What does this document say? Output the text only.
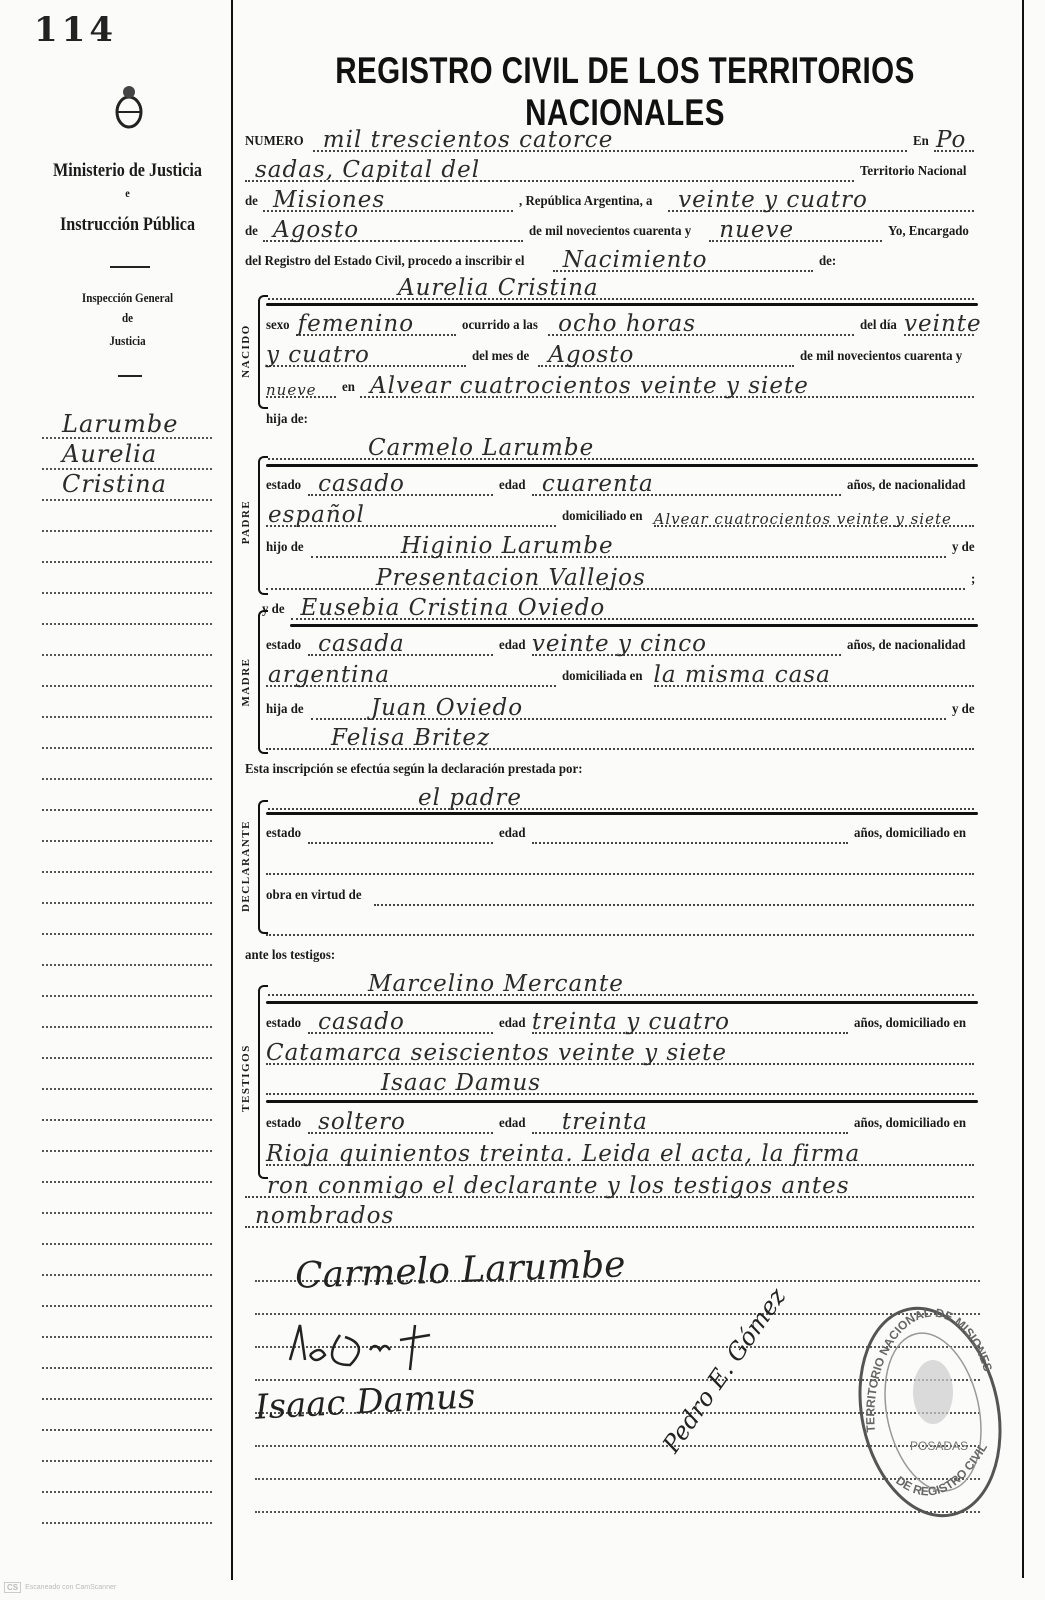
114
Ministerio de Justicia
e
Instrucción Pública
Inspección General
de
Justicia
Larumbe
Aurelia
Cristina
REGISTRO CIVIL DE LOS TERRITORIOS NACIONALES
NUMERO mil trescientos catorce	En Po
sadas, Capital del	Territorio Nacional
de Misiones	, República Argentina, a veinte y cuatro
de Agosto	de mil novecientos cuarenta y nueve	Yo, Encargado
del Registro del Estado Civil, procedo a inscribir el Nacimiento	de:
Aurelia Cristina
NACIDO sexo femenino	ocurrido a las ocho horas	del día veinte
y cuatro	del mes de Agosto	de mil novecientos cuarenta y
nueve en Alvear cuatrocientos veinte y siete
hija de:
Carmelo Larumbe
PADRE
estado casado	edad cuarenta	años, de nacionalidad
español	domiciliado en Alvear cuatrocientos veinte y siete
hijo de	Higinio Larumbe	y de
Presentacion Vallejos	;
y de Eusebia Cristina Oviedo
MADRE
estado casada	edad veinte y cinco	años, de nacionalidad
argentina	domiciliada en la misma casa
hija de	Juan Oviedo	y de
Felisa Britez
Esta inscripción se efectúa según la declaración prestada por:
el padre
DECLARANTE estado	edad	años, domiciliado en
obra en virtud de
ante los testigos:
Marcelino Mercante
TESTIGOS
estado casado	edad treinta y cuatro	años, domiciliado en
Catamarca seiscientos veinte y siete
Isaac Damus
estado soltero	edad treinta	años, domiciliado en
Rioja quinientos treinta. Leida el acta, la firma
ron conmigo el declarante y los testigos antes
nombrados
Carmelo Larumbe
Isaac Damus	Pedro E. Gómez	TERRITORIO NACIONAL DE MISIONES
POSADAS
DE REGISTRO CIVIL
CS	Escaneado con CamScanner
